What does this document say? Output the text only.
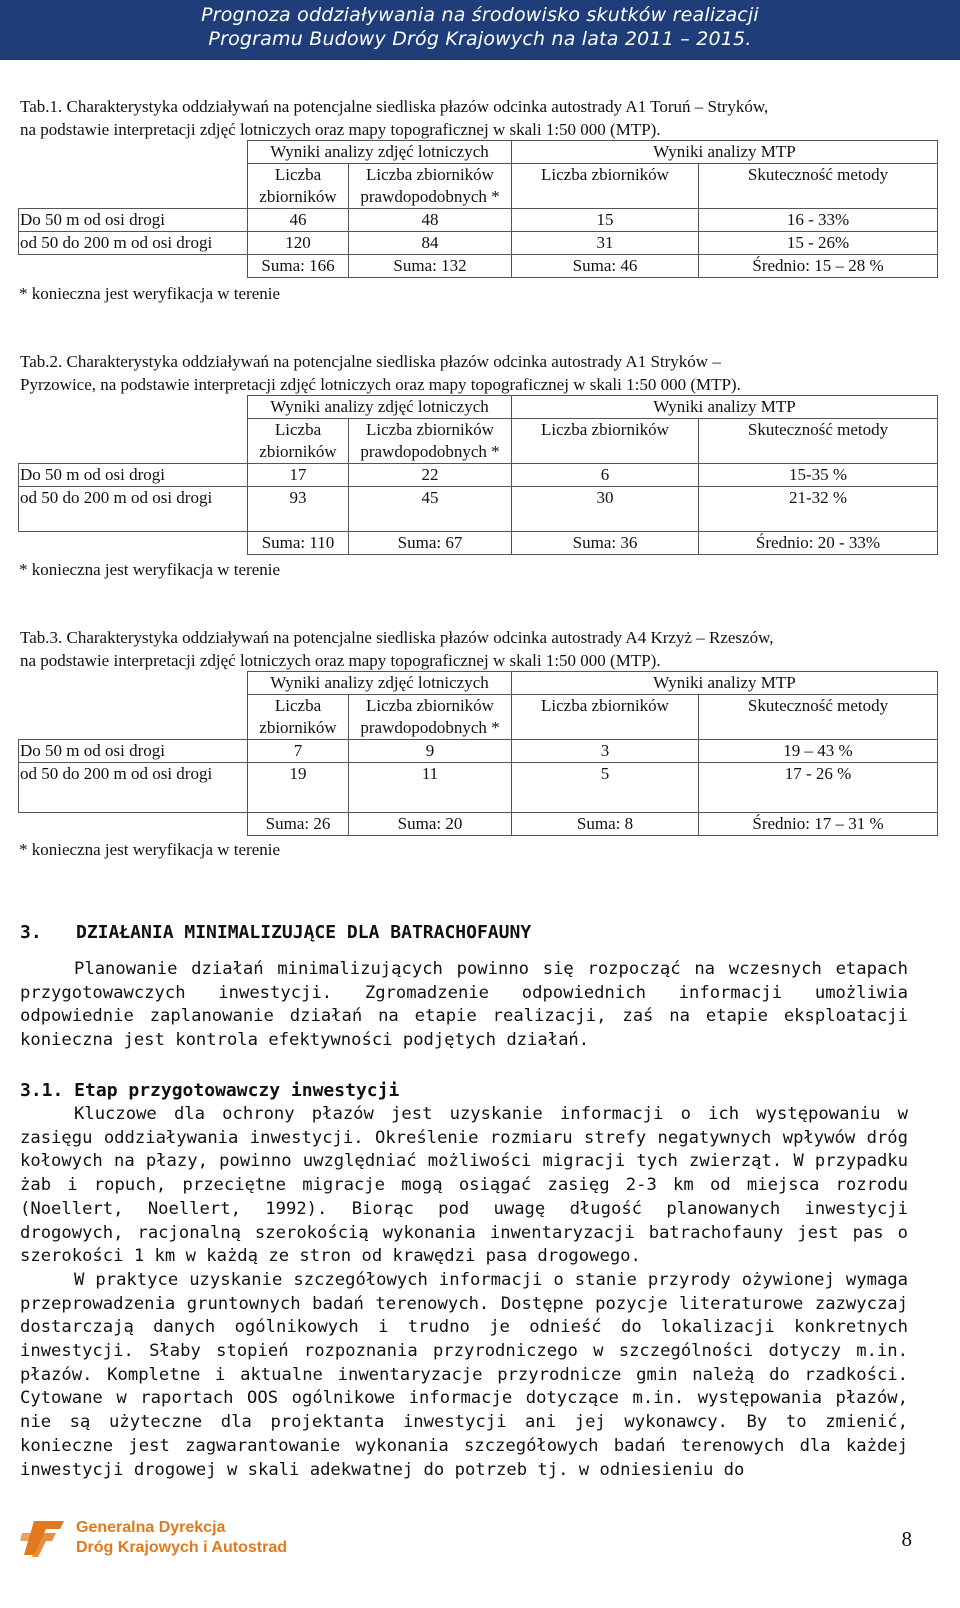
Prognoza oddziaływania na środowisko skutków realizacji
Programu Budowy Dróg Krajowych na lata 2011 – 2015.
Tab.1. Charakterystyka oddziaływań na potencjalne siedliska płazów odcinka autostrady A1 Toruń – Stryków,
na podstawie interpretacji zdjęć lotniczych oraz mapy topograficznej w skali 1:50 000 (MTP).
	Wyniki analizy zdjęć lotniczych		Wyniki analizy MTP	
	Liczba zbiorników	Liczba zbiorników prawdopodobnych *	Liczba zbiorników	Skuteczność metody
Do 50 m od osi drogi	46	48	15	16 - 33%
od 50 do 200 m od osi drogi	120	84	31	15 - 26%
	Suma: 166	Suma: 132	Suma: 46	Średnio: 15 – 28 %
* konieczna jest weryfikacja w terenie
Tab.2. Charakterystyka oddziaływań na potencjalne siedliska płazów odcinka autostrady A1 Stryków –
Pyrzowice, na podstawie interpretacji zdjęć lotniczych oraz mapy topograficznej w skali 1:50 000 (MTP).
	Wyniki analizy zdjęć lotniczych		Wyniki analizy MTP	
	Liczba zbiorników	Liczba zbiorników prawdopodobnych *	Liczba zbiorników	Skuteczność metody
Do 50 m od osi drogi	17	22	6	15-35 %
od 50 do 200 m od osi drogi	93	45	30	21-32 %
	Suma: 110	Suma: 67	Suma: 36	Średnio: 20 - 33%
* konieczna jest weryfikacja w terenie
Tab.3. Charakterystyka oddziaływań na potencjalne siedliska płazów odcinka autostrady A4 Krzyż – Rzeszów,
na podstawie interpretacji zdjęć lotniczych oraz mapy topograficznej w skali 1:50 000 (MTP).
	Wyniki analizy zdjęć lotniczych		Wyniki analizy MTP	
	Liczba zbiorników	Liczba zbiorników prawdopodobnych *	Liczba zbiorników	Skuteczność metody
Do 50 m od osi drogi	7	9	3	19 – 43 %
od 50 do 200 m od osi drogi	19	11	5	17 - 26 %
	Suma: 26	Suma: 20	Suma: 8	Średnio: 17 – 31 %
* konieczna jest weryfikacja w terenie
3. DZIAŁANIA MINIMALIZUJĄCE DLA BATRACHOFAUNY

Planowanie działań minimalizujących powinno się rozpocząć na wczesnych etapach przygotowawczych inwestycji. Zgromadzenie odpowiednich informacji umożliwia odpowiednie zaplanowanie działań na etapie realizacji, zaś na etapie eksploatacji konieczna jest kontrola efektywności podjętych działań.

3.1. Etap przygotowawczy inwestycji

Kluczowe dla ochrony płazów jest uzyskanie informacji o ich występowaniu w zasięgu oddziaływania inwestycji. Określenie rozmiaru strefy negatywnych wpływów dróg kołowych na płazy, powinno uwzględniać możliwości migracji tych zwierząt. W przypadku żab i ropuch, przeciętne migracje mogą osiągać zasięg 2-3 km od miejsca rozrodu (Noellert, Noellert, 1992). Biorąc pod uwagę długość planowanych inwestycji drogowych, racjonalną szerokością wykonania inwentaryzacji batrachofauny jest pas o szerokości 1 km w każdą ze stron od krawędzi pasa drogowego.

W praktyce uzyskanie szczegółowych informacji o stanie przyrody ożywionej wymaga przeprowadzenia gruntownych badań terenowych. Dostępne pozycje literaturowe zazwyczaj dostarczają danych ogólnikowych i trudno je odnieść do lokalizacji konkretnych inwestycji. Słaby stopień rozpoznania przyrodniczego w szczególności dotyczy m.in. płazów. Kompletne i aktualne inwentaryzacje przyrodnicze gmin należą do rzadkości. Cytowane w raportach OOS ogólnikowe informacje dotyczące m.in. występowania płazów, nie są użyteczne dla projektanta inwestycji ani jej wykonawcy. By to zmienić, konieczne jest zagwarantowanie wykonania szczegółowych badań terenowych dla każdej inwestycji drogowej w skali adekwatnej do potrzeb tj. w odniesieniu do

Generalna Dyrekcja
Dróg Krajowych i Autostrad	8
